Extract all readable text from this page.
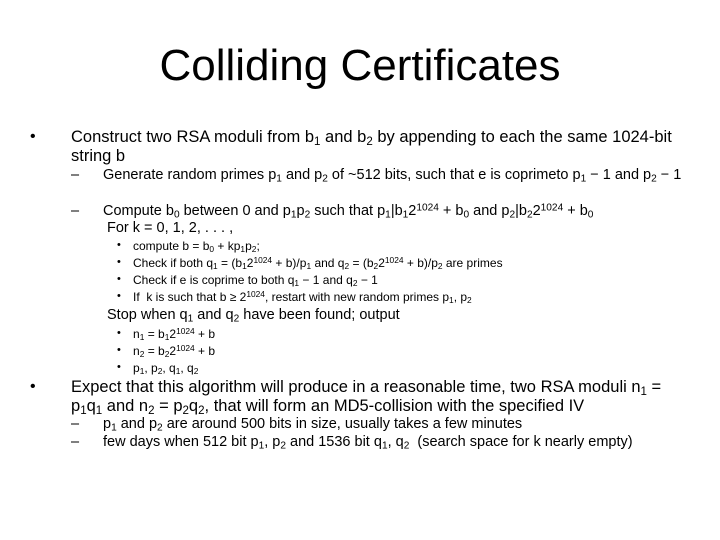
Colliding Certificates
• Construct two RSA moduli from $b_1$ and $b_2$ by appending to each the same 1024-bit string b
– Generate random primes $p_1$ and $p_2$ of ~512 bits, such that e is coprimeto $p_1 - 1$ and $p_2 - 1$
– Compute $b_0$ between 0 and $p_1p_2$ such that $p_1|b_12^{1024} + b_0$ and $p_2|b_22^{1024} + b_0$
For k = 0, 1, 2, . . . ,
• compute $b = b_0 + kp_1p_2$;
• Check if both $q_1 = (b_12^{1024} + b)/p_1$ and $q_2 = (b_22^{1024} + b)/p_2$ are primes
• Check if e is coprime to both $q_1 - 1$ and $q_2 - 1$
• If  k is such that $b \ge 2^{1024}$, restart with new random primes $p_1$, $p_2$
Stop when $q_1$ and $q_2$ have been found; output
• $n_1 = b_12^{1024} + b$
• $n_2 = b_22^{1024} + b$
• $p_1$, $p_2$, $q_1$, $q_2$
• Expect that this algorithm will produce in a reasonable time, two RSA moduli $n_1 = p_1q_1$ and $n_2 = p_2q_2$, that will form an MD5-collision with the specified IV
– $p_1$ and $p_2$ are around 500 bits in size, usually takes a few minutes
– few days when 512 bit $p_1$, $p_2$ and 1536 bit $q_1$, $q_2$  (search space for k nearly empty)
